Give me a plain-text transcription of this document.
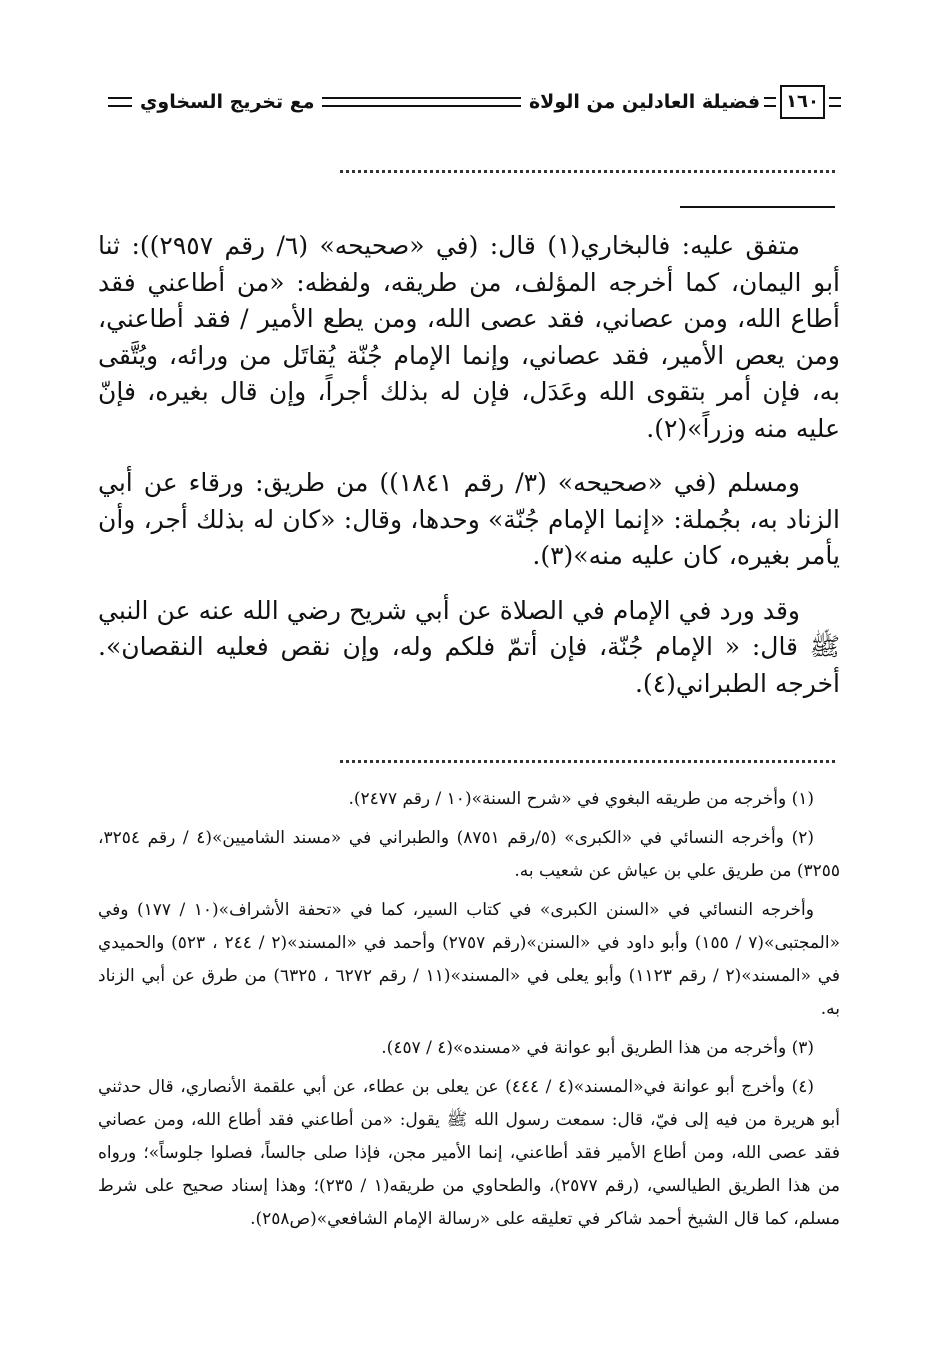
١٦٠
فضيلة العادلين من الولاة
مع تخريج السخاوي

متفق عليه: فالبخاري(١) قال: (في «صحيحه» (٦/ رقم ٢٩٥٧)): ثنا أبو اليمان، كما أخرجه المؤلف، من طريقه، ولفظه: «من أطاعني فقد أطاع الله، ومن عصاني، فقد عصى الله، ومن يطع الأمير / فقد أطاعني، ومن يعص الأمير، فقد عصاني، وإنما الإمام جُنّة يُقاتَل من ورائه، ويُتَّقى به، فإن أمر بتقوى الله وعَدَل، فإن له بذلك أجراً، وإن قال بغيره، فإنّ عليه منه وزراً»(٢).

ومسلم (في «صحيحه» (٣/ رقم ١٨٤١)) من طريق: ورقاء عن أبي الزناد به، بجُملة: «إنما الإمام جُنّة» وحدها، وقال: «كان له بذلك أجر، وأن يأمر بغيره، كان عليه منه»(٣).

وقد ورد في الإمام في الصلاة عن أبي شريح رضي الله عنه عن النبي ﷺ قال: « الإمام جُنّة، فإن أتمّ فلكم وله، وإن نقص فعليه النقصان». أخرجه الطبراني(٤).

(١) وأخرجه من طريقه البغوي في «شرح السنة»(١٠ / رقم ٢٤٧٧).

(٢) وأخرجه النسائي في «الكبرى» (٥/رقم ٨٧٥١) والطبراني في «مسند الشاميين»(٤ / رقم ٣٢٥٤، ٣٢٥٥) من طريق علي بن عياش عن شعيب به.

وأخرجه النسائي في «السنن الكبرى» في كتاب السير، كما في «تحفة الأشراف»(١٠ / ١٧٧) وفي «المجتبى»(٧ / ١٥٥) وأبو داود في «السنن»(رقم ٢٧٥٧) وأحمد في «المسند»(٢ / ٢٤٤ ، ٥٢٣) والحميدي في «المسند»(٢ / رقم ١١٢٣) وأبو يعلى في «المسند»(١١ / رقم ٦٢٧٢ ، ٦٣٢٥) من طرق عن أبي الزناد به.

(٣) وأخرجه من هذا الطريق أبو عوانة في «مسنده»(٤ / ٤٥٧).

(٤) وأخرج أبو عوانة في«المسند»(٤ / ٤٤٤) عن يعلى بن عطاء، عن أبي علقمة الأنصاري، قال حدثني أبو هريرة من فيه إلى فيّ، قال: سمعت رسول الله ﷺ يقول: «من أطاعني فقد أطاع الله، ومن عصاني فقد عصى الله، ومن أطاع الأمير فقد أطاعني، إنما الأمير مجن، فإذا صلى جالساً، فصلوا جلوساً»؛ ورواه من هذا الطريق الطيالسي، (رقم ٢٥٧٧)، والطحاوي من طريقه(١ / ٢٣٥)؛ وهذا إسناد صحيح على شرط مسلم، كما قال الشيخ أحمد شاكر في تعليقه على «رسالة الإمام الشافعي»(ص٢٥٨).
